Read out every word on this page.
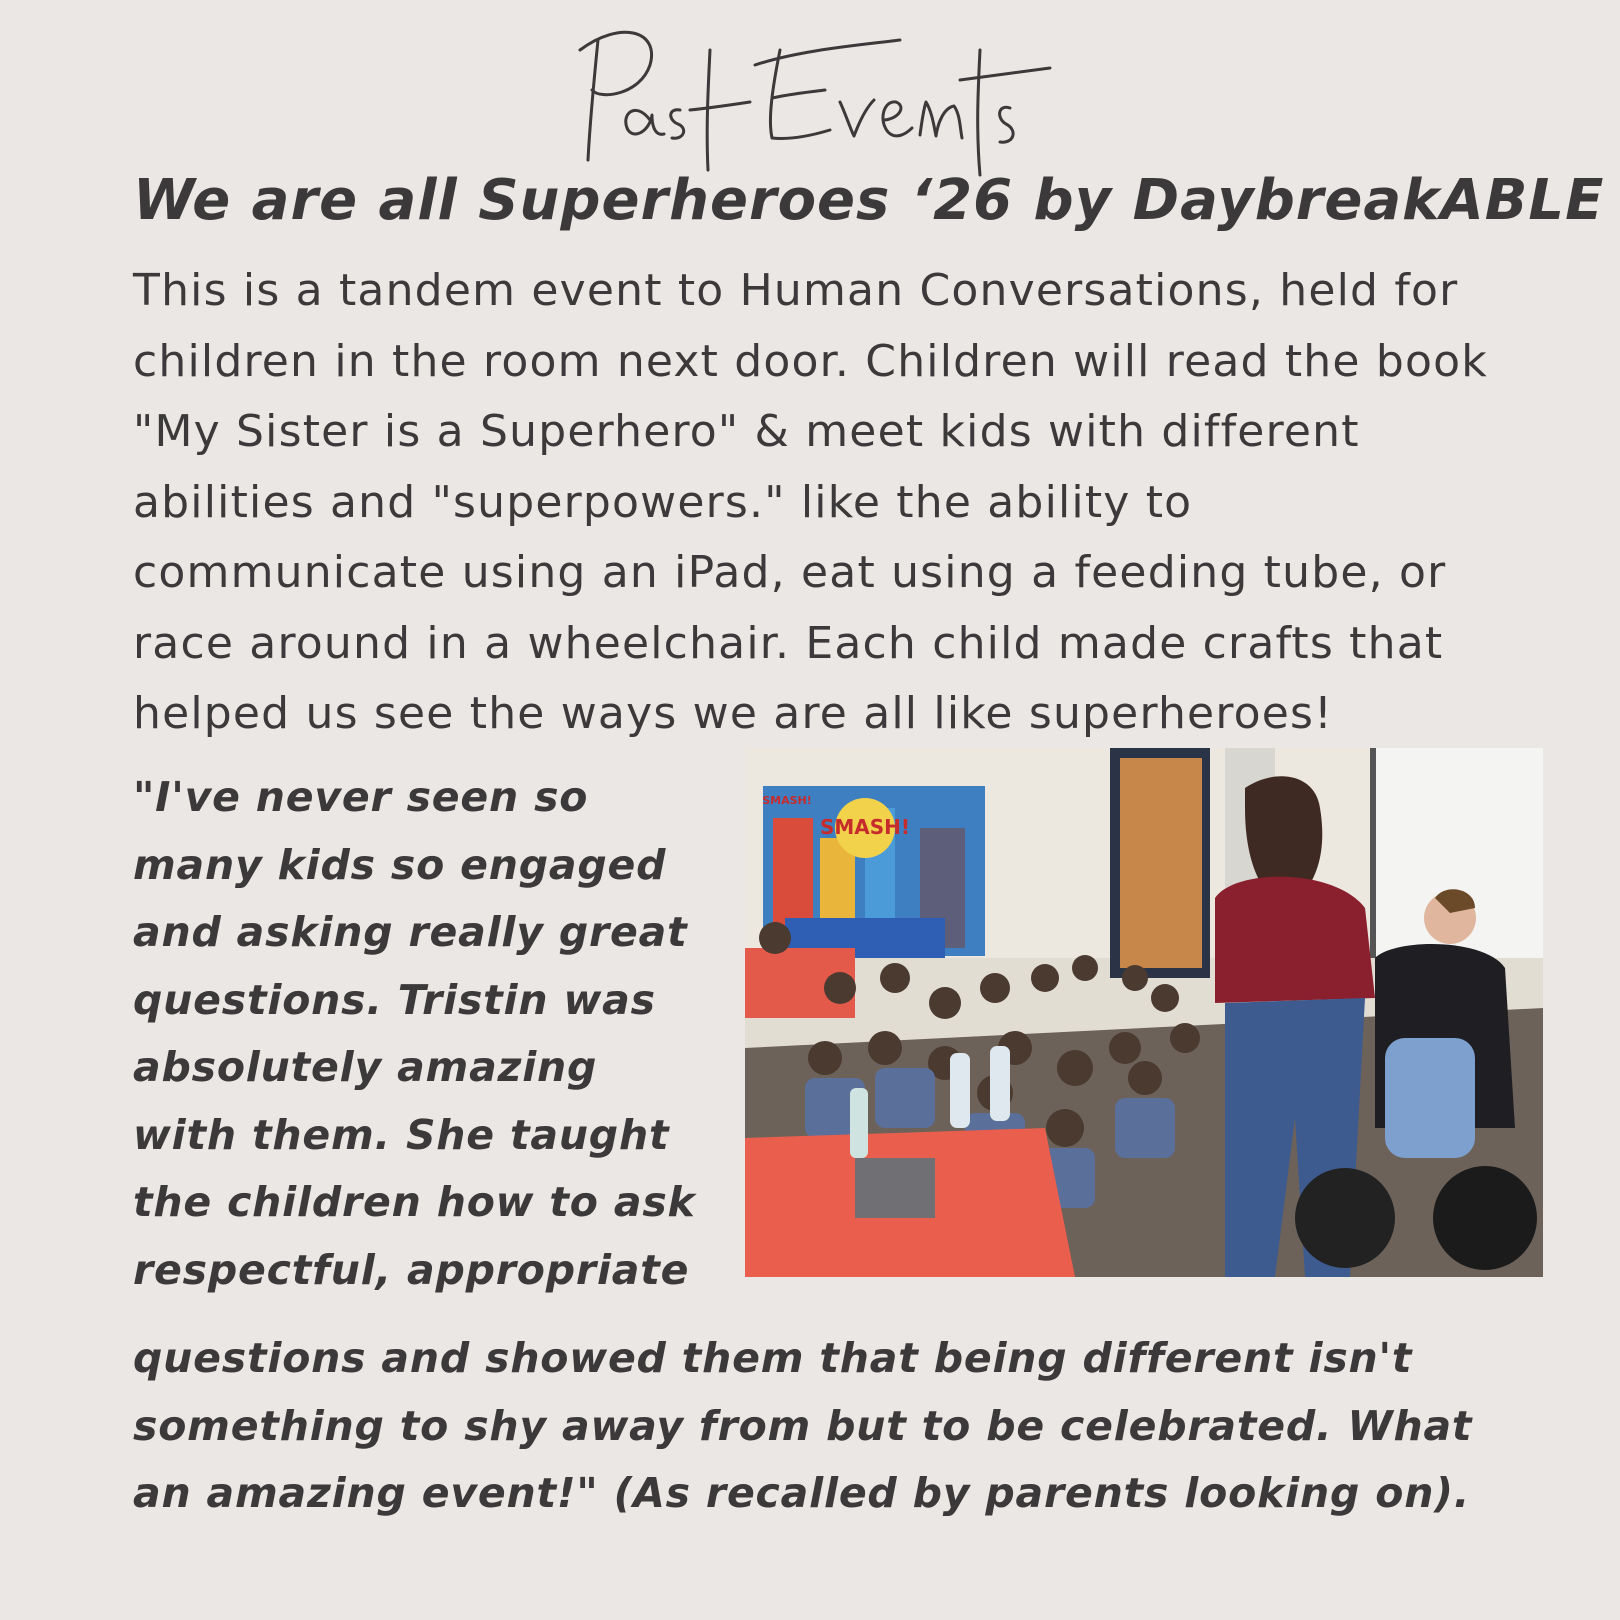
We are all Superheroes ‘26 by DaybreakABLE
This is a tandem event to Human Conversations, held for
children in the room next door. Children will read the book
"My Sister is a Superhero" & meet kids with different
abilities and "superpowers." like the ability to
communicate using an iPad, eat using a feeding tube, or
race around in a wheelchair. Each child made crafts that
helped us see the ways we are all like superheroes!
"I've never seen so
many kids so engaged
and asking really great
questions. Tristin was
absolutely amazing
with them. She taught
the children how to ask
respectful, appropriate
SMASH!
SMASH!
questions and showed them that being different isn't
something to shy away from but to be celebrated. What
an amazing event!" (As recalled by parents looking on).
